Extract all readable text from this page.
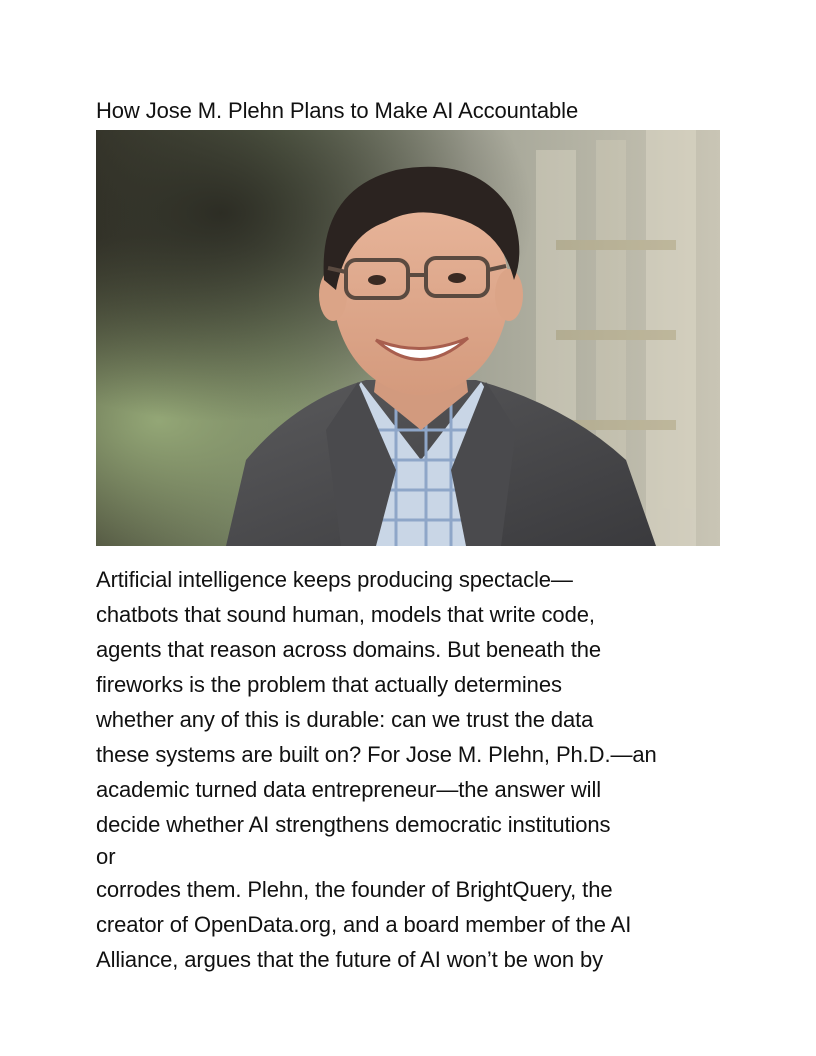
How Jose M. Plehn Plans to Make AI Accountable

Artificial intelligence keeps producing spectacle—

chatbots that sound human, models that write code,

agents that reason across domains. But beneath the

fireworks is the problem that actually determines

whether any of this is durable: can we trust the data

these systems are built on? For Jose M. Plehn, Ph.D.—an

academic turned data entrepreneur—the answer will

decide whether AI strengthens democratic institutions

or

corrodes them. Plehn, the founder of BrightQuery, the

creator of OpenData.org, and a board member of the AI

Alliance, argues that the future of AI won’t be won by
